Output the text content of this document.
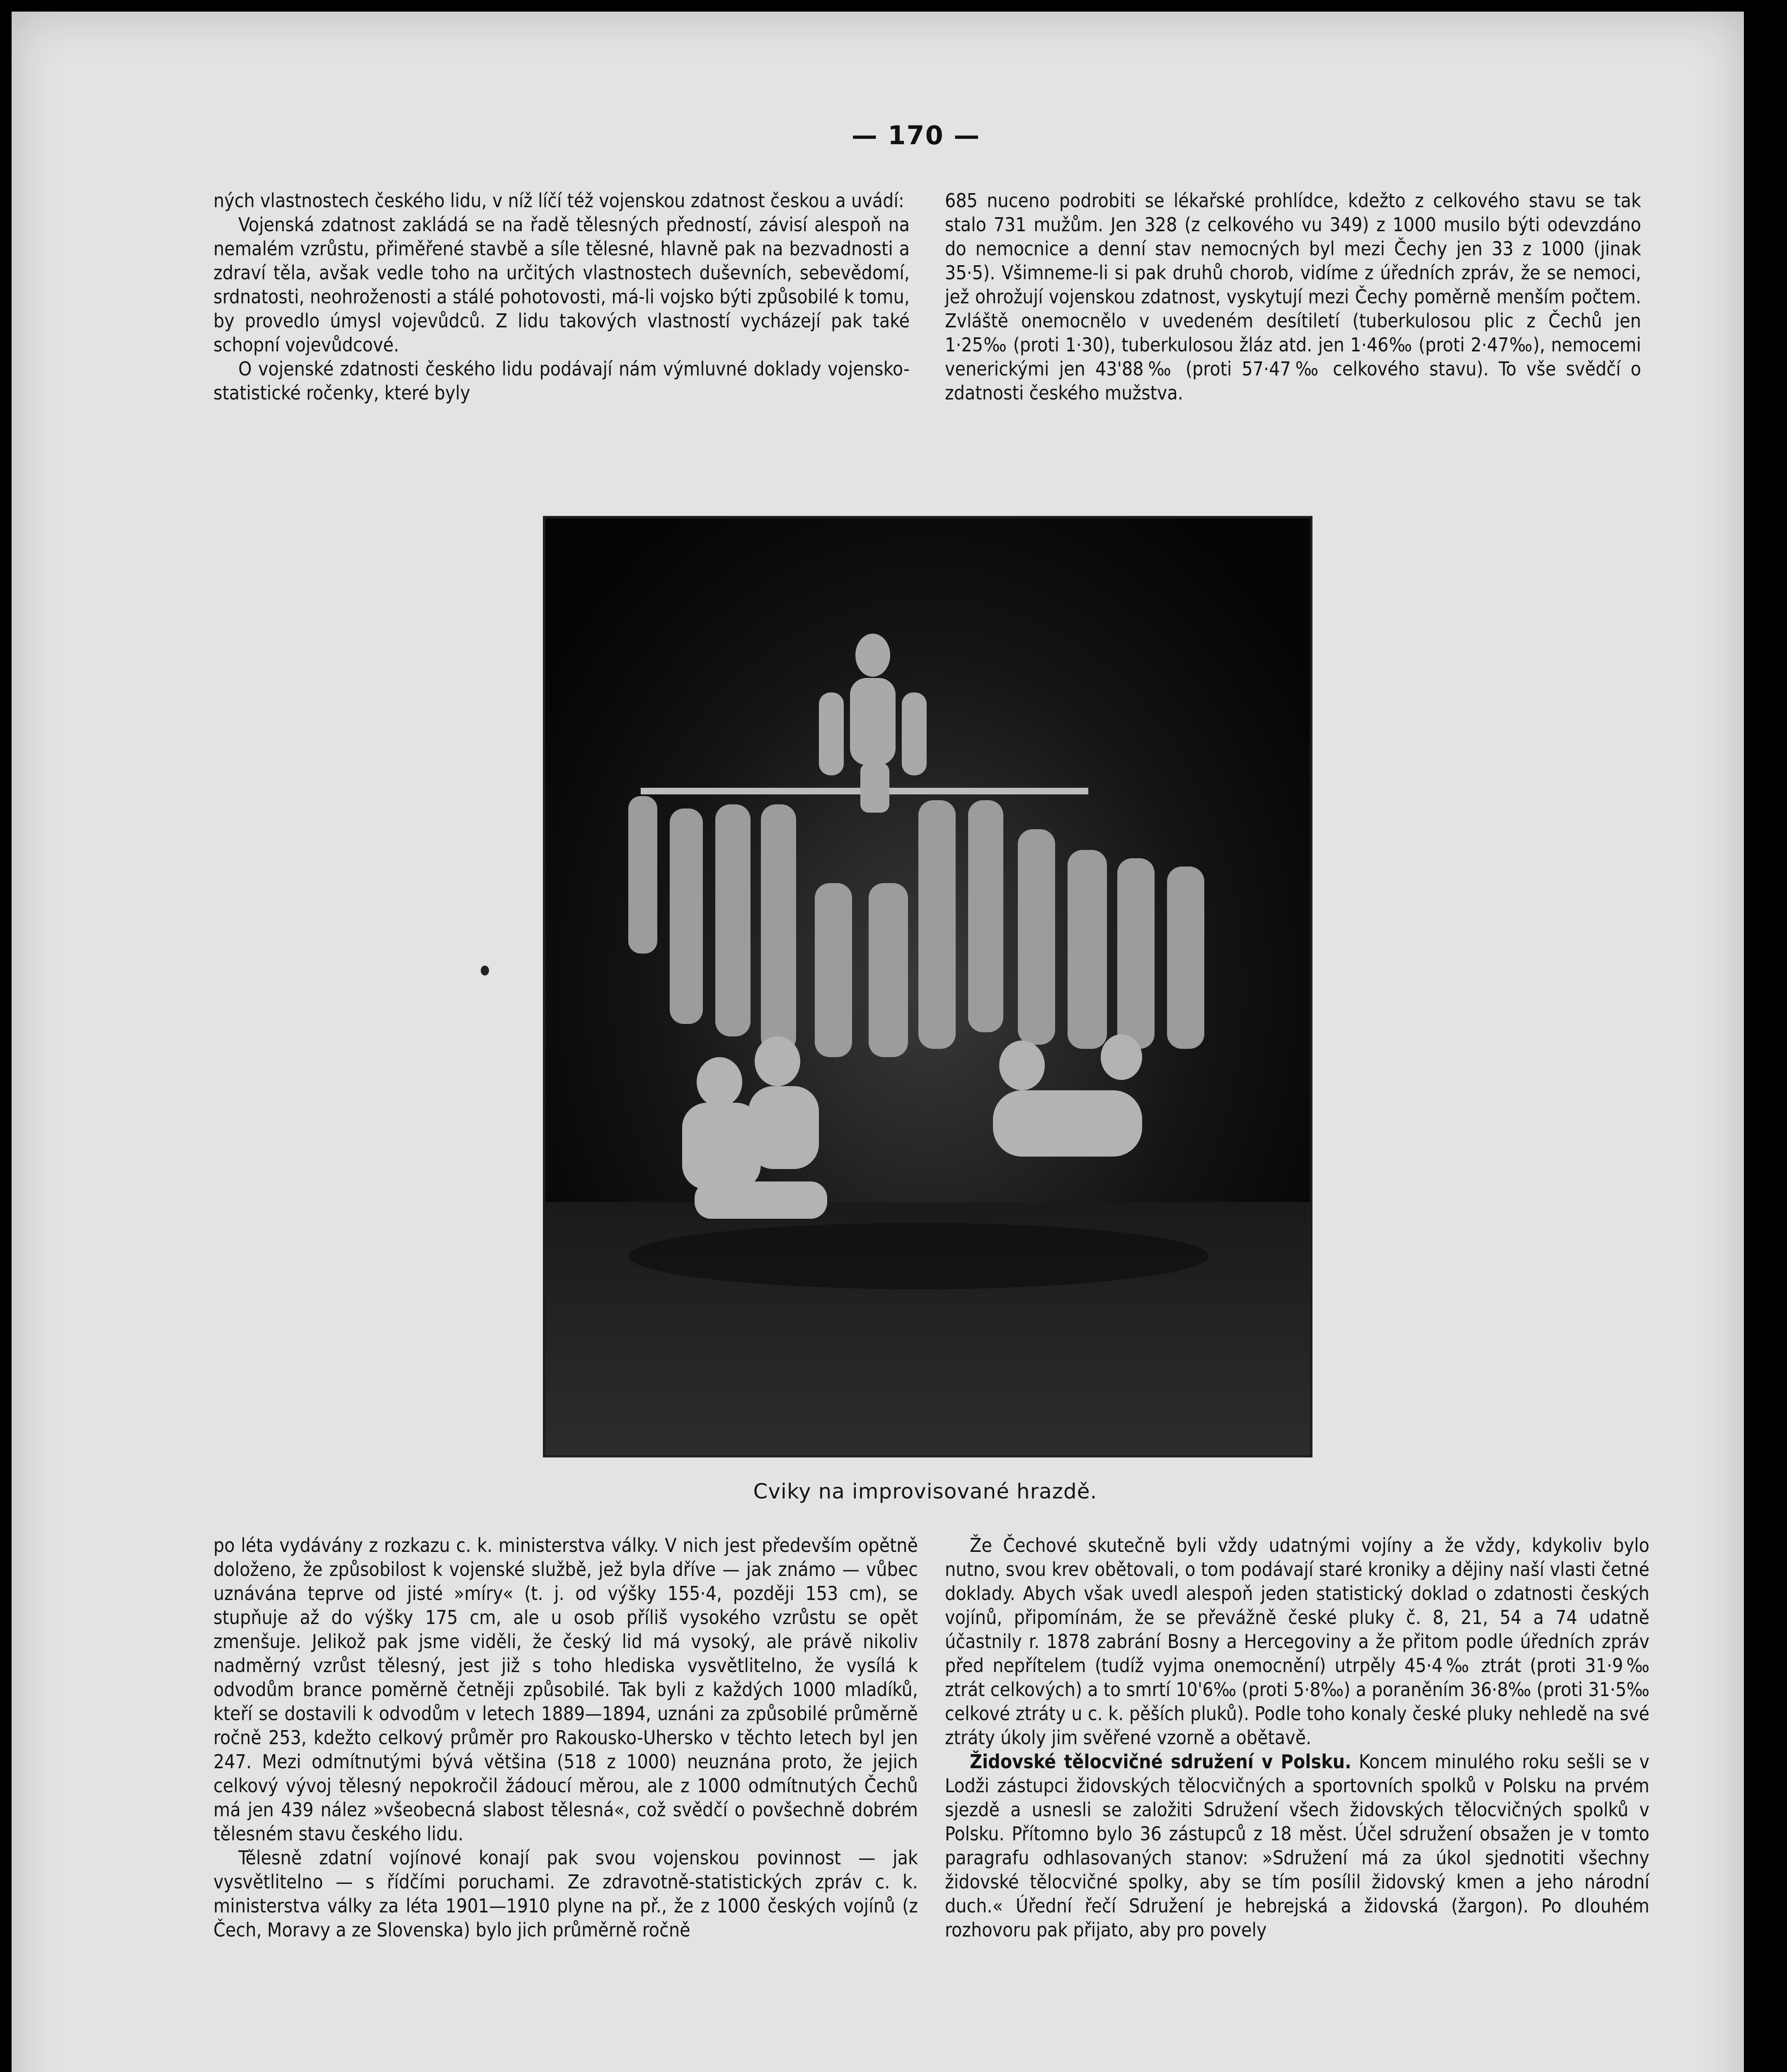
— 170 —

ných vlastnostech českého lidu, v níž líčí též vojenskou zdatnost českou a uvádí:

Vojenská zdatnost zakládá se na řadě tělesných předností, závisí alespoň na nemalém vzrůstu, přiměřené stavbě a síle tělesné, hlavně pak na bezvadnosti a zdraví těla, avšak vedle toho na určitých vlastnostech duševních, sebevědomí, srdnatosti, neohroženosti a stálé pohotovosti, má-li vojsko býti způsobilé k tomu, by provedlo úmysl vojevůdců. Z lidu takových vlastností vycházejí pak také schopní vojevůdcové.

O vojenské zdatnosti českého lidu podávají nám výmluvné doklady vojensko-statistické ročenky, které byly

685 nuceno podrobiti se lékařské prohlídce, kdežto z celkového stavu se tak stalo 731 mužům. Jen 328 (z celkového vu 349) z 1000 musilo býti odevzdáno do nemocnice a denní stav nemocných byl mezi Čechy jen 33 z 1000 (jinak 35·5). Všimneme-li si pak druhů chorob, vidíme z úředních zpráv, že se nemoci, jež ohrožují vojenskou zdatnost, vyskytují mezi Čechy poměrně menším počtem. Zvláště onemocnělo v uvedeném desítiletí (tuberkulosou plic z Čechů jen 1·25‰ (proti 1·30), tuberkulosou žláz atd. jen 1·46‰ (proti 2·47‰), nemocemi venerickými jen 43'88‰ (proti 57·47‰ celkového stavu). To vše svědčí o zdatnosti českého mužstva.

Cviky na improvisované hrazdě.

po léta vydávány z rozkazu c. k. ministerstva války. V nich jest především opětně doloženo, že způsobilost k vojenské službě, jež byla dříve — jak známo — vůbec uznávána teprve od jisté »míry« (t. j. od výšky 155·4, později 153 cm), se stupňuje až do výšky 175 cm, ale u osob příliš vysokého vzrůstu se opět zmenšuje. Jelikož pak jsme viděli, že český lid má vysoký, ale právě nikoliv nadměrný vzrůst tělesný, jest již s toho hlediska vysvětlitelno, že vysílá k odvodům brance poměrně četněji způsobilé. Tak byli z každých 1000 mladíků, kteří se dostavili k odvodům v letech 1889—1894, uznáni za způsobilé průměrně ročně 253, kdežto celkový průměr pro Rakousko-Uhersko v těchto letech byl jen 247. Mezi odmítnutými bývá většina (518 z 1000) neuznána proto, že jejich celkový vývoj tělesný nepokročil žádoucí měrou, ale z 1000 odmítnutých Čechů má jen 439 nález »všeobecná slabost tělesná«, což svědčí o povšechně dobrém tělesném stavu českého lidu.

Tělesně zdatní vojínové konají pak svou vojenskou povinnost — jak vysvětlitelno — s řídčími poruchami. Ze zdravotně-statistických zpráv c. k. ministerstva války za léta 1901—1910 plyne na př., že z 1000 českých vojínů (z Čech, Moravy a ze Slovenska) bylo jich průměrně ročně

Že Čechové skutečně byli vždy udatnými vojíny a že vždy, kdykoliv bylo nutno, svou krev obětovali, o tom podávají staré kroniky a dějiny naší vlasti četné doklady. Abych však uvedl alespoň jeden statistický doklad o zdatnosti českých vojínů, připomínám, že se převážně české pluky č. 8, 21, 54 a 74 udatně účastnily r. 1878 zabrání Bosny a Hercegoviny a že přitom podle úředních zpráv před nepřítelem (tudíž vyjma onemocnění) utrpěly 45·4‰ ztrát (proti 31·9‰ ztrát celkových) a to smrtí 10'6‰ (proti 5·8‰) a poraněním 36·8‰ (proti 31·5‰ celkové ztráty u c. k. pěších pluků). Podle toho konaly české pluky nehledě na své ztráty úkoly jim svěřené vzorně a obětavě.

Židovské tělocvičné sdružení v Polsku. Koncem minulého roku sešli se v Lodži zástupci židovských tělocvičných a sportovních spolků v Polsku na prvém sjezdě a usnesli se založiti Sdružení všech židovských tělocvičných spolků v Polsku. Přítomno bylo 36 zástupců z 18 měst. Účel sdružení obsažen je v tomto paragrafu odhlasovaných stanov: »Sdružení má za úkol sjednotiti všechny židovské tělocvičné spolky, aby se tím posílil židovský kmen a jeho národní duch.« Úřední řečí Sdružení je hebrejská a židovská (žargon). Po dlouhém rozhovoru pak přijato, aby pro povely
